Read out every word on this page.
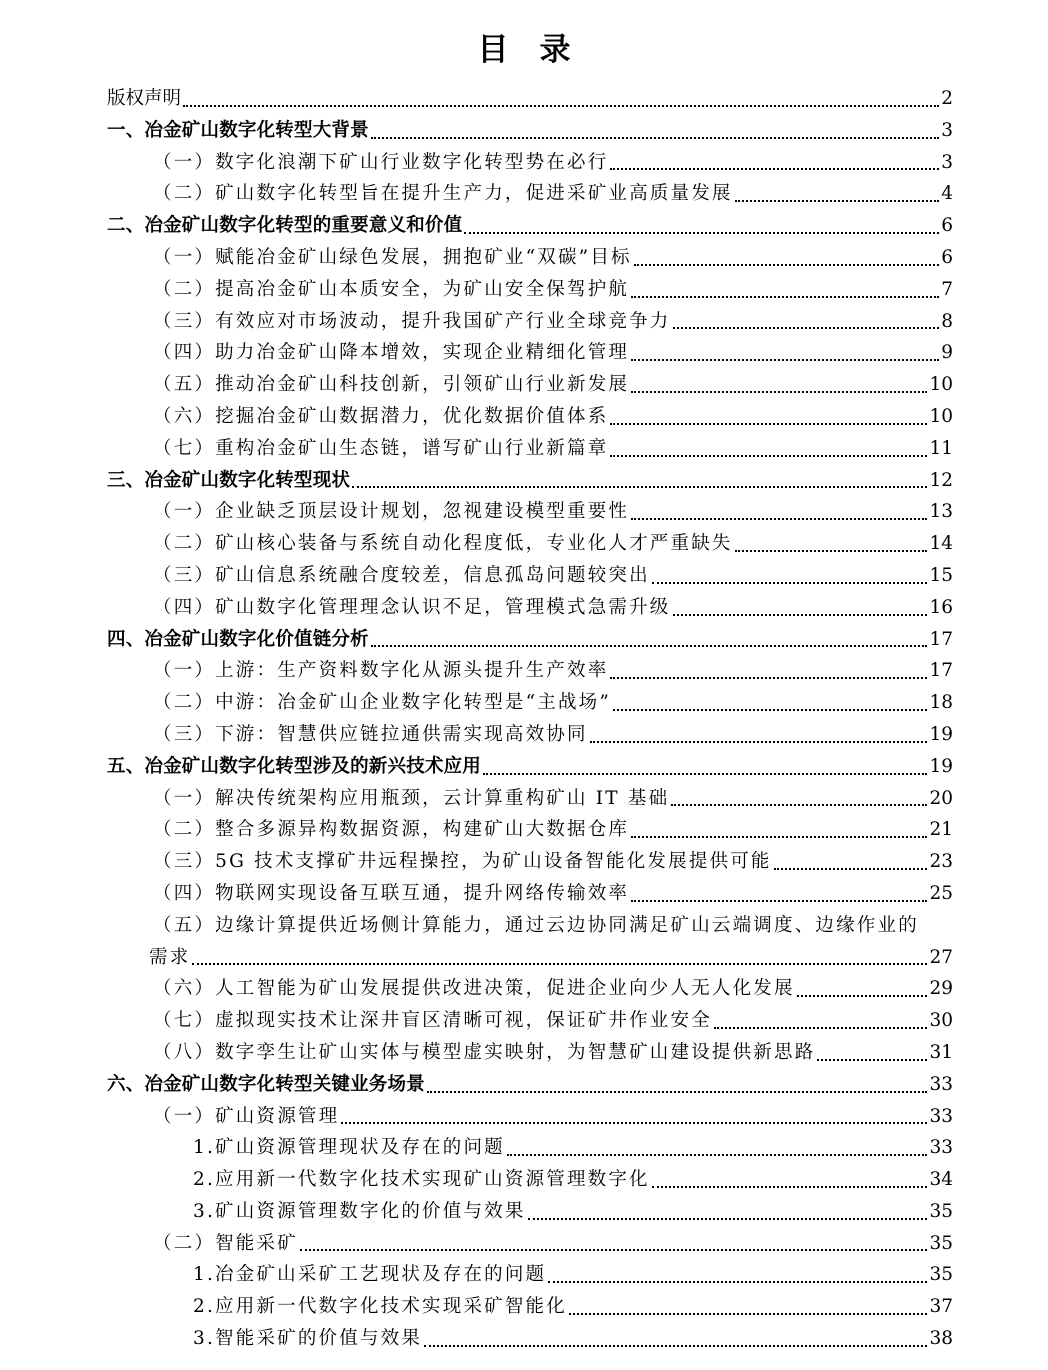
目　录
版权声明	2
一、冶金矿山数字化转型大背景	3
（一）数字化浪潮下矿山行业数字化转型势在必行	3
（二）矿山数字化转型旨在提升生产力，促进采矿业高质量发展	4
二、冶金矿山数字化转型的重要意义和价值	6
（一）赋能冶金矿山绿色发展，拥抱矿业“双碳”目标	6
（二）提高冶金矿山本质安全，为矿山安全保驾护航	7
（三）有效应对市场波动，提升我国矿产行业全球竞争力	8
（四）助力冶金矿山降本增效，实现企业精细化管理	9
（五）推动冶金矿山科技创新，引领矿山行业新发展	10
（六）挖掘冶金矿山数据潜力，优化数据价值体系	10
（七）重构冶金矿山生态链，谱写矿山行业新篇章	11
三、冶金矿山数字化转型现状	12
（一）企业缺乏顶层设计规划，忽视建设模型重要性	13
（二）矿山核心装备与系统自动化程度低，专业化人才严重缺失	14
（三）矿山信息系统融合度较差，信息孤岛问题较突出	15
（四）矿山数字化管理理念认识不足，管理模式急需升级	16
四、冶金矿山数字化价值链分析	17
（一）上游：生产资料数字化从源头提升生产效率	17
（二）中游：冶金矿山企业数字化转型是“主战场”	18
（三）下游：智慧供应链拉通供需实现高效协同	19
五、冶金矿山数字化转型涉及的新兴技术应用	19
（一）解决传统架构应用瓶颈，云计算重构矿山 IT 基础	20
（二）整合多源异构数据资源，构建矿山大数据仓库	21
（三）5G 技术支撑矿井远程操控，为矿山设备智能化发展提供可能	23
（四）物联网实现设备互联互通，提升网络传输效率	25
（五）边缘计算提供近场侧计算能力，通过云边协同满足矿山云端调度、边缘作业的
需求	27
（六）人工智能为矿山发展提供改进决策，促进企业向少人无人化发展	29
（七）虚拟现实技术让深井盲区清晰可视，保证矿井作业安全	30
（八）数字孪生让矿山实体与模型虚实映射，为智慧矿山建设提供新思路	31
六、冶金矿山数字化转型关键业务场景	33
（一）矿山资源管理	33
1.矿山资源管理现状及存在的问题	33
2.应用新一代数字化技术实现矿山资源管理数字化	34
3.矿山资源管理数字化的价值与效果	35
（二）智能采矿	35
1.冶金矿山采矿工艺现状及存在的问题	35
2.应用新一代数字化技术实现采矿智能化	37
3.智能采矿的价值与效果	38
